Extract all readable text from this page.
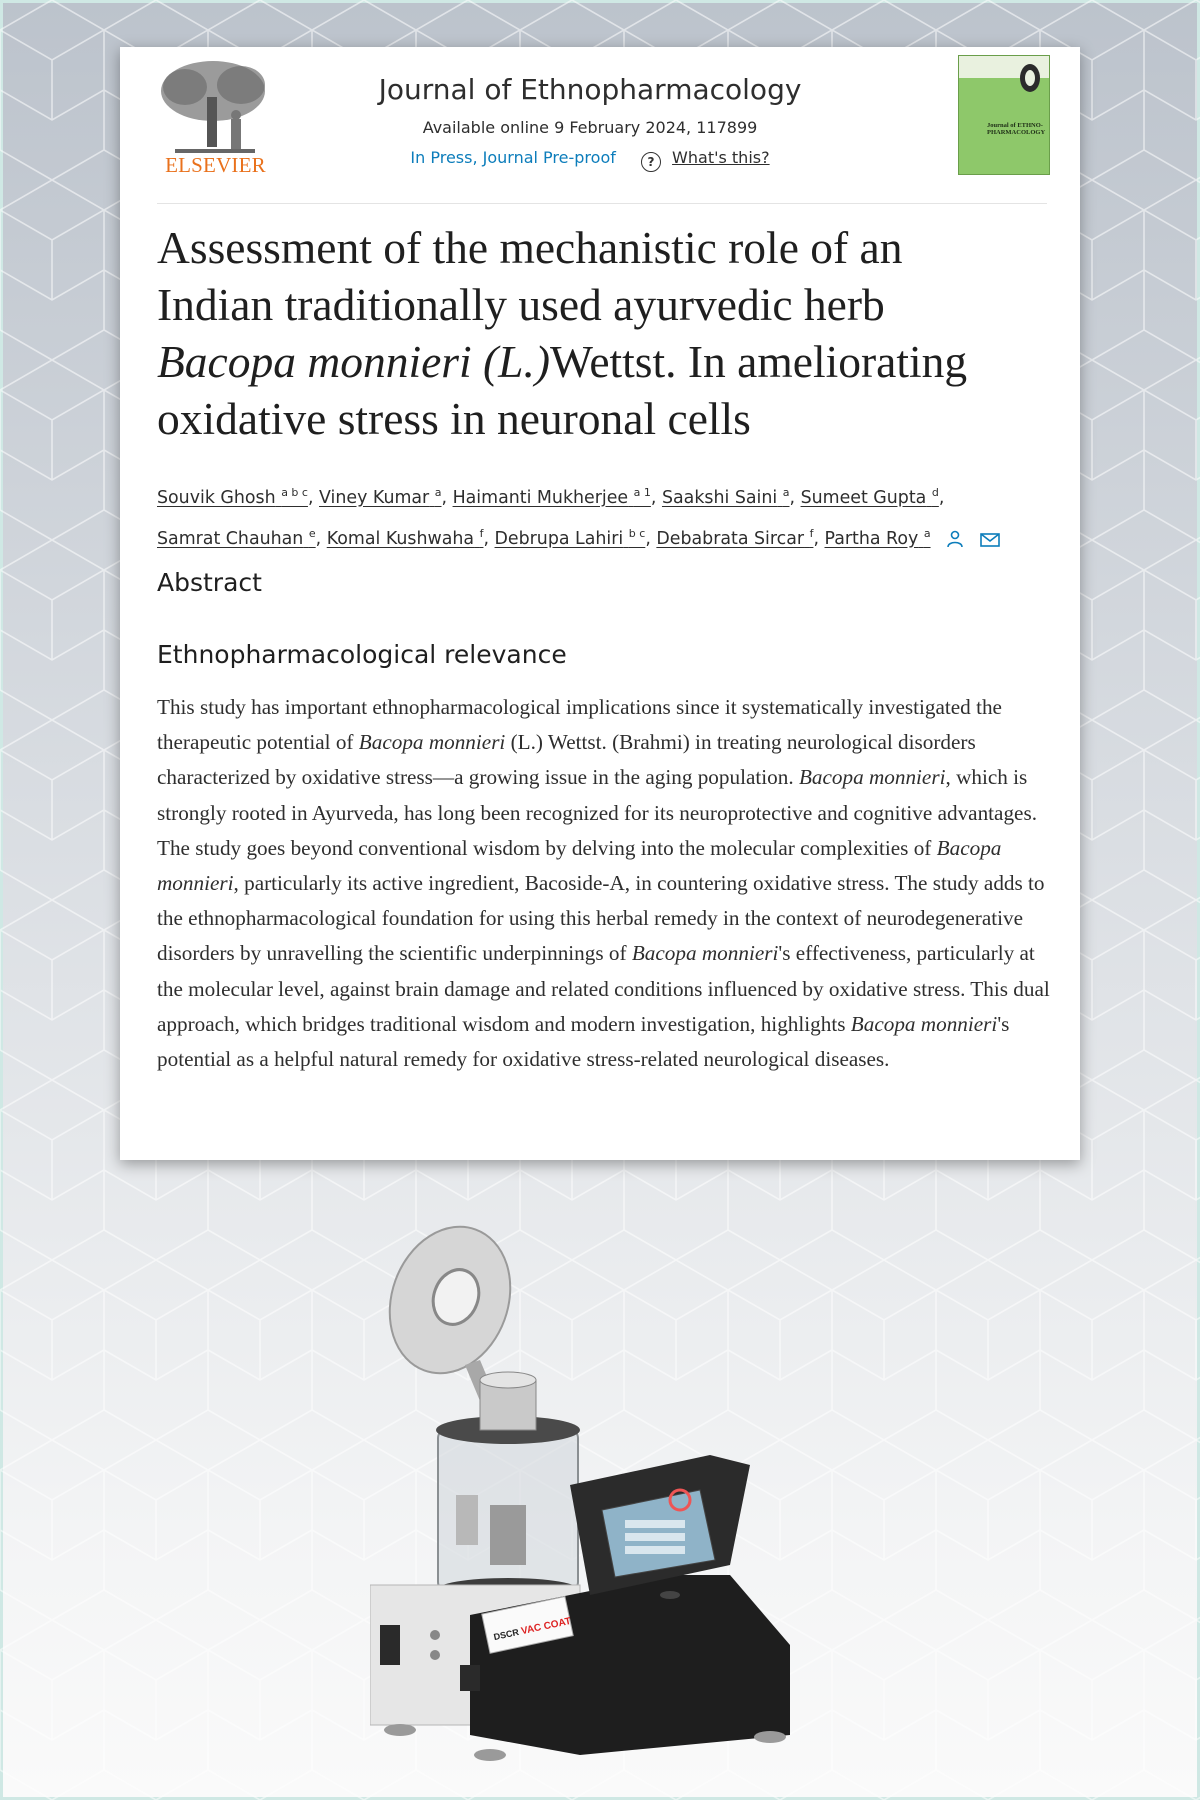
ELSEVIER
Journal of Ethnopharmacology
Available online 9 February 2024, 117899
In Press, Journal Pre-proof	? What's this?
Journal of ETHNO-PHARMACOLOGY
Assessment of the mechanistic role of an
Indian traditionally used ayurvedic herb
Bacopa monnieri (L.)Wettst. In ameliorating
oxidative stress in neuronal cells
Souvik Ghosh $^{a b c}$, Viney Kumar $^a$, Haimanti Mukherjee $^{a 1}$, Saakshi Saini $^a$, Sumeet Gupta $^d$,
Samrat Chauhan $^e$, Komal Kushwaha $^f$, Debrupa Lahiri $^{b c}$, Debabrata Sircar $^f$, Partha Roy $^a$
Abstract
Ethnopharmacological relevance
This study has important ethnopharmacological implications since it systematically investigated the therapeutic potential of Bacopa monnieri (L.) Wettst. (Brahmi) in treating neurological disorders characterized by oxidative stress—a growing issue in the aging population. Bacopa monnieri, which is strongly rooted in Ayurveda, has long been recognized for its neuroprotective and cognitive advantages. The study goes beyond conventional wisdom by delving into the molecular complexities of Bacopa monnieri, particularly its active ingredient, Bacoside-A, in countering oxidative stress. The study adds to the ethnopharmacological foundation for using this herbal remedy in the context of neurodegenerative disorders by unravelling the scientific underpinnings of Bacopa monnieri's effectiveness, particularly at the molecular level, against brain damage and related conditions influenced by oxidative stress. This dual approach, which bridges traditional wisdom and modern investigation, highlights Bacopa monnieri's potential as a helpful natural remedy for oxidative stress-related neurological diseases.
DSCR VAC COAT
